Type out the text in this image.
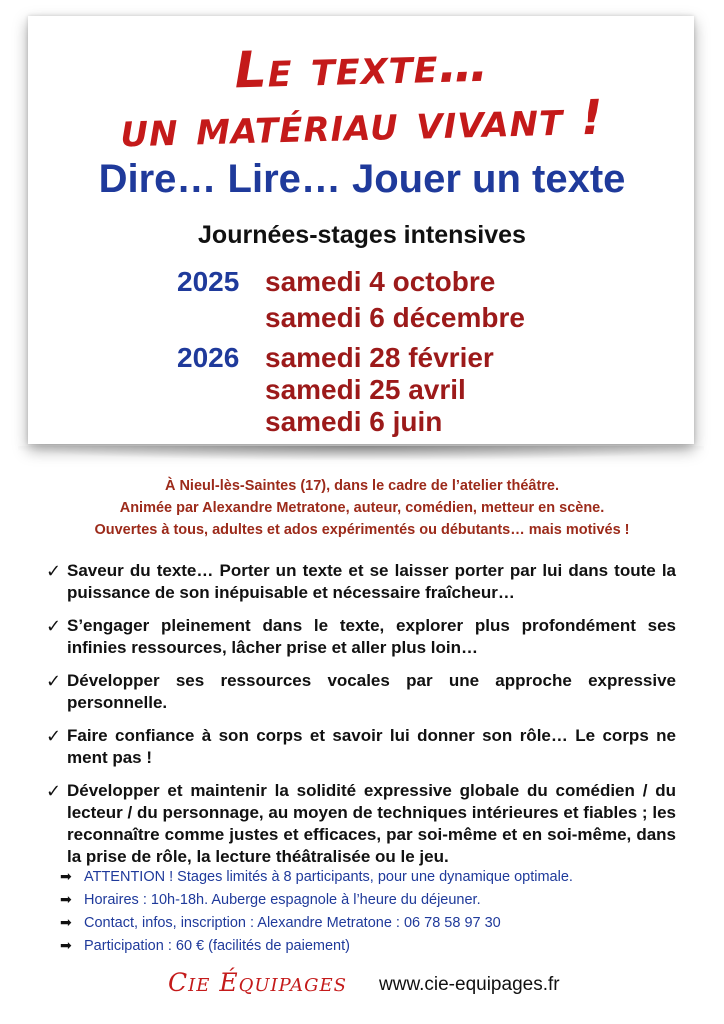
Le texte…
un matériau vivant !
Dire… Lire… Jouer un texte
Journées-stages intensives
2025 samedi 4 octobre
samedi 6 décembre
2026 samedi 28 février
samedi 25 avril
samedi 6 juin
À Nieul-lès-Saintes (17), dans le cadre de l’atelier théâtre.
Animée par Alexandre Metratone, auteur, comédien, metteur en scène.
Ouvertes à tous, adultes et ados expérimentés ou débutants… mais motivés !
✓ Saveur du texte… Porter un texte et se laisser porter par lui dans toute la puissance de son inépuisable et nécessaire fraîcheur…
✓ S’engager pleinement dans le texte, explorer plus profondément ses infinies ressources, lâcher prise et aller plus loin…
✓ Développer ses ressources vocales par une approche expressive personnelle.
✓ Faire confiance à son corps et savoir lui donner son rôle… Le corps ne ment pas !
✓ Développer et maintenir la solidité expressive globale du comédien / du lecteur / du personnage, au moyen de techniques intérieures et fiables ; les reconnaître comme justes et efficaces, par soi-même et en soi-même, dans la prise de rôle, la lecture théâtralisée ou le jeu.
➡ ATTENTION ! Stages limités à 8 participants, pour une dynamique optimale.
➡ Horaires : 10h-18h. Auberge espagnole à l’heure du déjeuner.
➡ Contact, infos, inscription : Alexandre Metratone : 06 78 58 97 30
➡ Participation : 60 € (facilités de paiement)
Cie Équipages www.cie-equipages.fr
